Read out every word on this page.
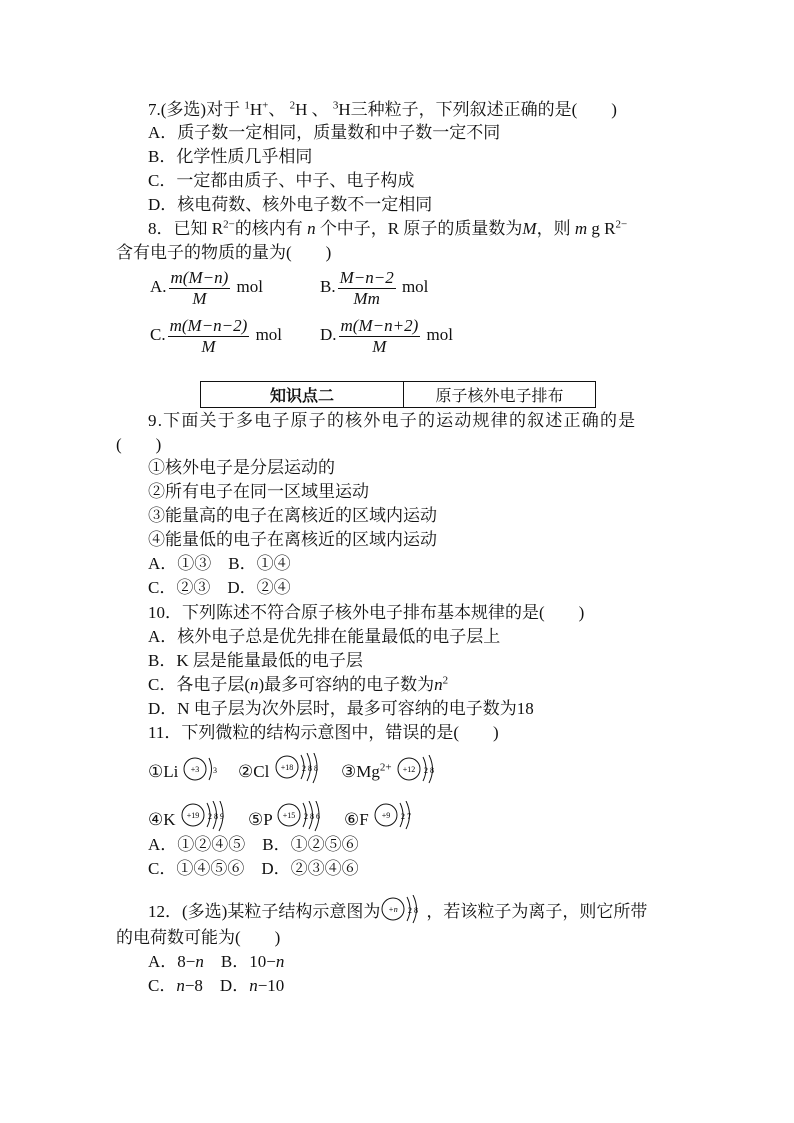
7.(多选)对于 $^1$H+、 $^2$H 、 $^3$H三种粒子，下列叙述正确的是(　　)
A．质子数一定相同，质量数和中子数一定不同
B．化学性质几乎相同
C．一定都由质子、中子、电子构成
D．核电荷数、核外电子数不一定相同
8．已知 $R^{2-}$的核内有 n 个中子，R 原子的质量数为M，则 m g $R^{2-}$
含有电子的物质的量为(　　)
A. $\frac{m(M-n)}{M}$ mol	B. $\frac{M-n-2}{Mm}$ mol
C. $\frac{m(M-n-2)}{M}$ mol D. $\frac{m(M-n+2)}{M}$ mol
知识点二	原子核外电子排布
9.下面关于多电子原子的核外电子的运动规律的叙述正确的是
(　　)
①核外电子是分层运动的
②所有电子在同一区域里运动
③能量高的电子在离核近的区域内运动
④能量低的电子在离核近的区域内运动
A．①③　B．①④
C．②③　D．②④
10．下列陈述不符合原子核外电子排布基本规律的是(　　)
A．核外电子总是优先排在能量最低的电子层上
B．K 层是能量最低的电子层
C．各电子层(n)最多可容纳的电子数为$n^2$
D．N 电子层为次外层时，最多可容纳的电子数为18
11．下列微粒的结构示意图中，错误的是(　　)
①Li +3 3 ②Cl +18 2 8 8 $③Mg^{2+} +12$ 2 8
④K +19 2 8 9 ⑤P +15 2 8 6 ⑥F +9 2 7
A．①②④⑤　B．①②⑤⑥
C．①④⑤⑥　D．②③④⑥
12．(多选)某粒子结构示意图为 +n 2 8 ，若该粒子为离子，则它所带
的电荷数可能为(　　)
A．8−n　B．10−n
C．n−8　D．n−10
